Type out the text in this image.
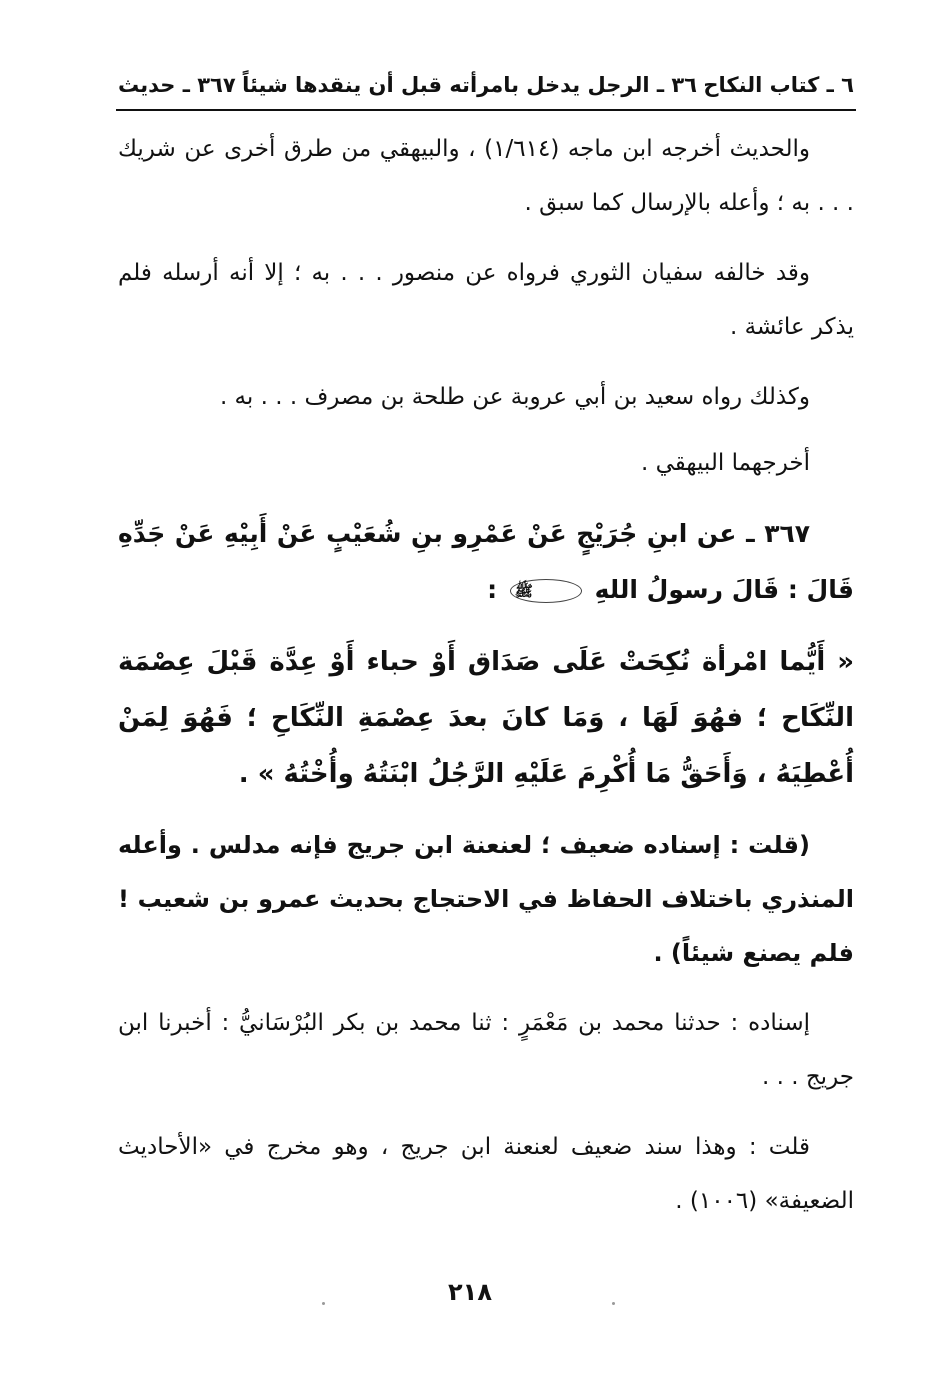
٦ ـ كتاب النكاح
٣٦ ـ الرجل يدخل بامرأته قبل أن ينقدها شيئاً
٣٦٧ ـ حديث

والحديث أخرجه ابن ماجه (١/٦١٤) ، والبيهقي من طرق أخرى عن شريك . . . به ؛ وأعله بالإرسال كما سبق .

وقد خالفه سفيان الثوري فرواه عن منصور . . . به ؛ إلا أنه أرسله فلم يذكر عائشة .

وكذلك رواه سعيد بن أبي عروبة عن طلحة بن مصرف . . . به .

أخرجهما البيهقي .

٣٦٧ ـ عن ابنِ جُرَيْجٍ عَنْ عَمْرِو بنِ شُعَيْبٍ عَنْ أَبِيْهِ عَنْ جَدِّهِ قَالَ : قَالَ رسولُ اللهِ ﷺ :

« أَيُّما امْرأة نُكِحَتْ عَلَى صَدَاق أَوْ حباء أَوْ عِدَّة قَبْلَ عِصْمَة النِّكَاح ؛ فهُوَ لَهَا ، وَمَا كانَ بعدَ عِصْمَةِ النِّكَاحِ ؛ فَهُوَ لِمَنْ أُعْطِيَهُ ، وَأَحَقُّ مَا أُكْرِمَ عَلَيْهِ الرَّجُلُ ابْنَتُهُ وأُخْتُهُ » .

(قلت : إسناده ضعيف ؛ لعنعنة ابن جريج فإنه مدلس . وأعله المنذري باختلاف الحفاظ في الاحتجاج بحديث عمرو بن شعيب ! فلم يصنع شيئاً) .

إسناده : حدثنا محمد بن مَعْمَرٍ : ثنا محمد بن بكر البُرْسَانيُّ : أخبرنا ابن جريج . . .

قلت : وهذا سند ضعيف لعنعنة ابن جريج ، وهو مخرج في «الأحاديث الضعيفة» (١٠٠٦) .

٢١٨
